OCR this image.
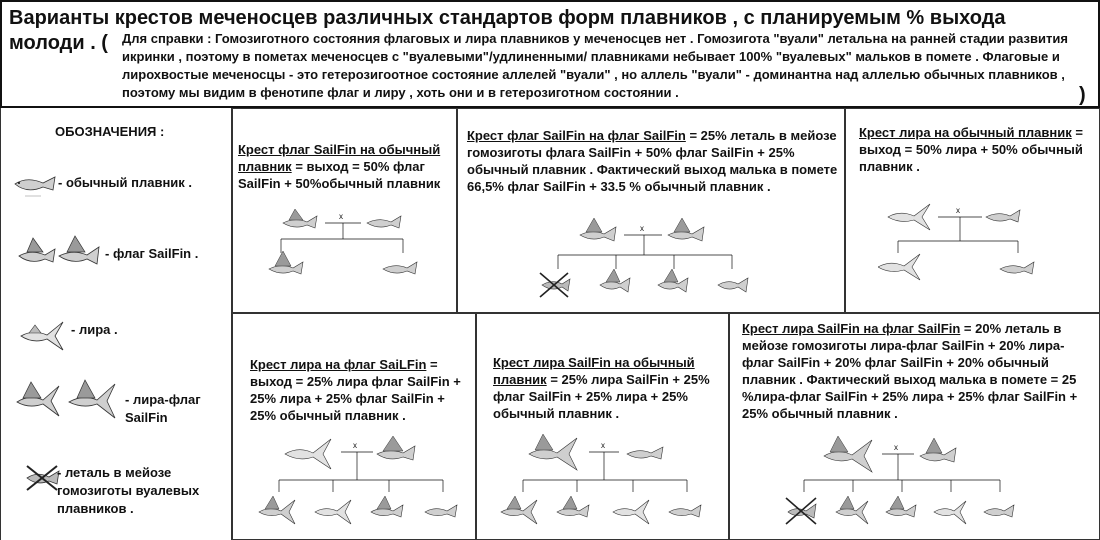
Варианты крестов меченосцев различных стандартов форм плавников , с планируемым % выхода
молоди . (	Для справки : Гомозиготного состояния флаговых и лира плавников у меченосцев нет . Гомозигота "вуали" летальна на ранней стадии развития икринки , поэтому в пометах меченосцев с "вуалевыми"/удлиненными/ плавниками небывает 100% "вуалевых" мальков в помете . Флаговые и лирохвостые меченосцы - это гетерозигоотное состояние аллелей "вуали" , но аллель "вуали" - доминантна над аллелью обычных плавников , поэтому мы видим в фенотипе флаг и лиру , хоть они и в гетерозиготном состоянии .	)
ОБОЗНАЧЕНИЯ :
- обычный плавник .
- флаг SailFin .
- лира .
- лира-флаг SailFin
- леталь в мейозе гомозиготы вуалевых плавников .
Крест флаг SailFin на обычный плавник = выход = 50% флаг SailFin + 50%обычный плавник
x
Крест флаг SailFin на флаг SailFin = 25% леталь в мейозе гомозиготы флага SailFin + 50% флаг SailFin + 25% обычный плавник . Фактический выход малька в помете 66,5% флаг SailFin + 33.5 % обычный плавник .
x
Крест лира на обычный плавник = выход = 50% лира + 50% обычный плавник .
x
Крест лира на флаг SaiLFin = выход = 25% лира флаг SailFin + 25% лира + 25% флаг SailFin + 25% обычный плавник .
x
Крест лира SailFin на обычный плавник = 25% лира SailFin + 25% флаг SailFin + 25% лира + 25% обычный плавник .
x
Крест лира SailFin на флаг SailFin = 20% леталь в мейозе гомозиготы лира-флаг SailFin + 20% лира-флаг SailFin + 20% флаг SailFin + 20% обычный плавник . Фактический выход малька в помете = 25 %лира-флаг SailFin + 25% лира + 25% флаг SailFin + 25% обычный плавник .
x
